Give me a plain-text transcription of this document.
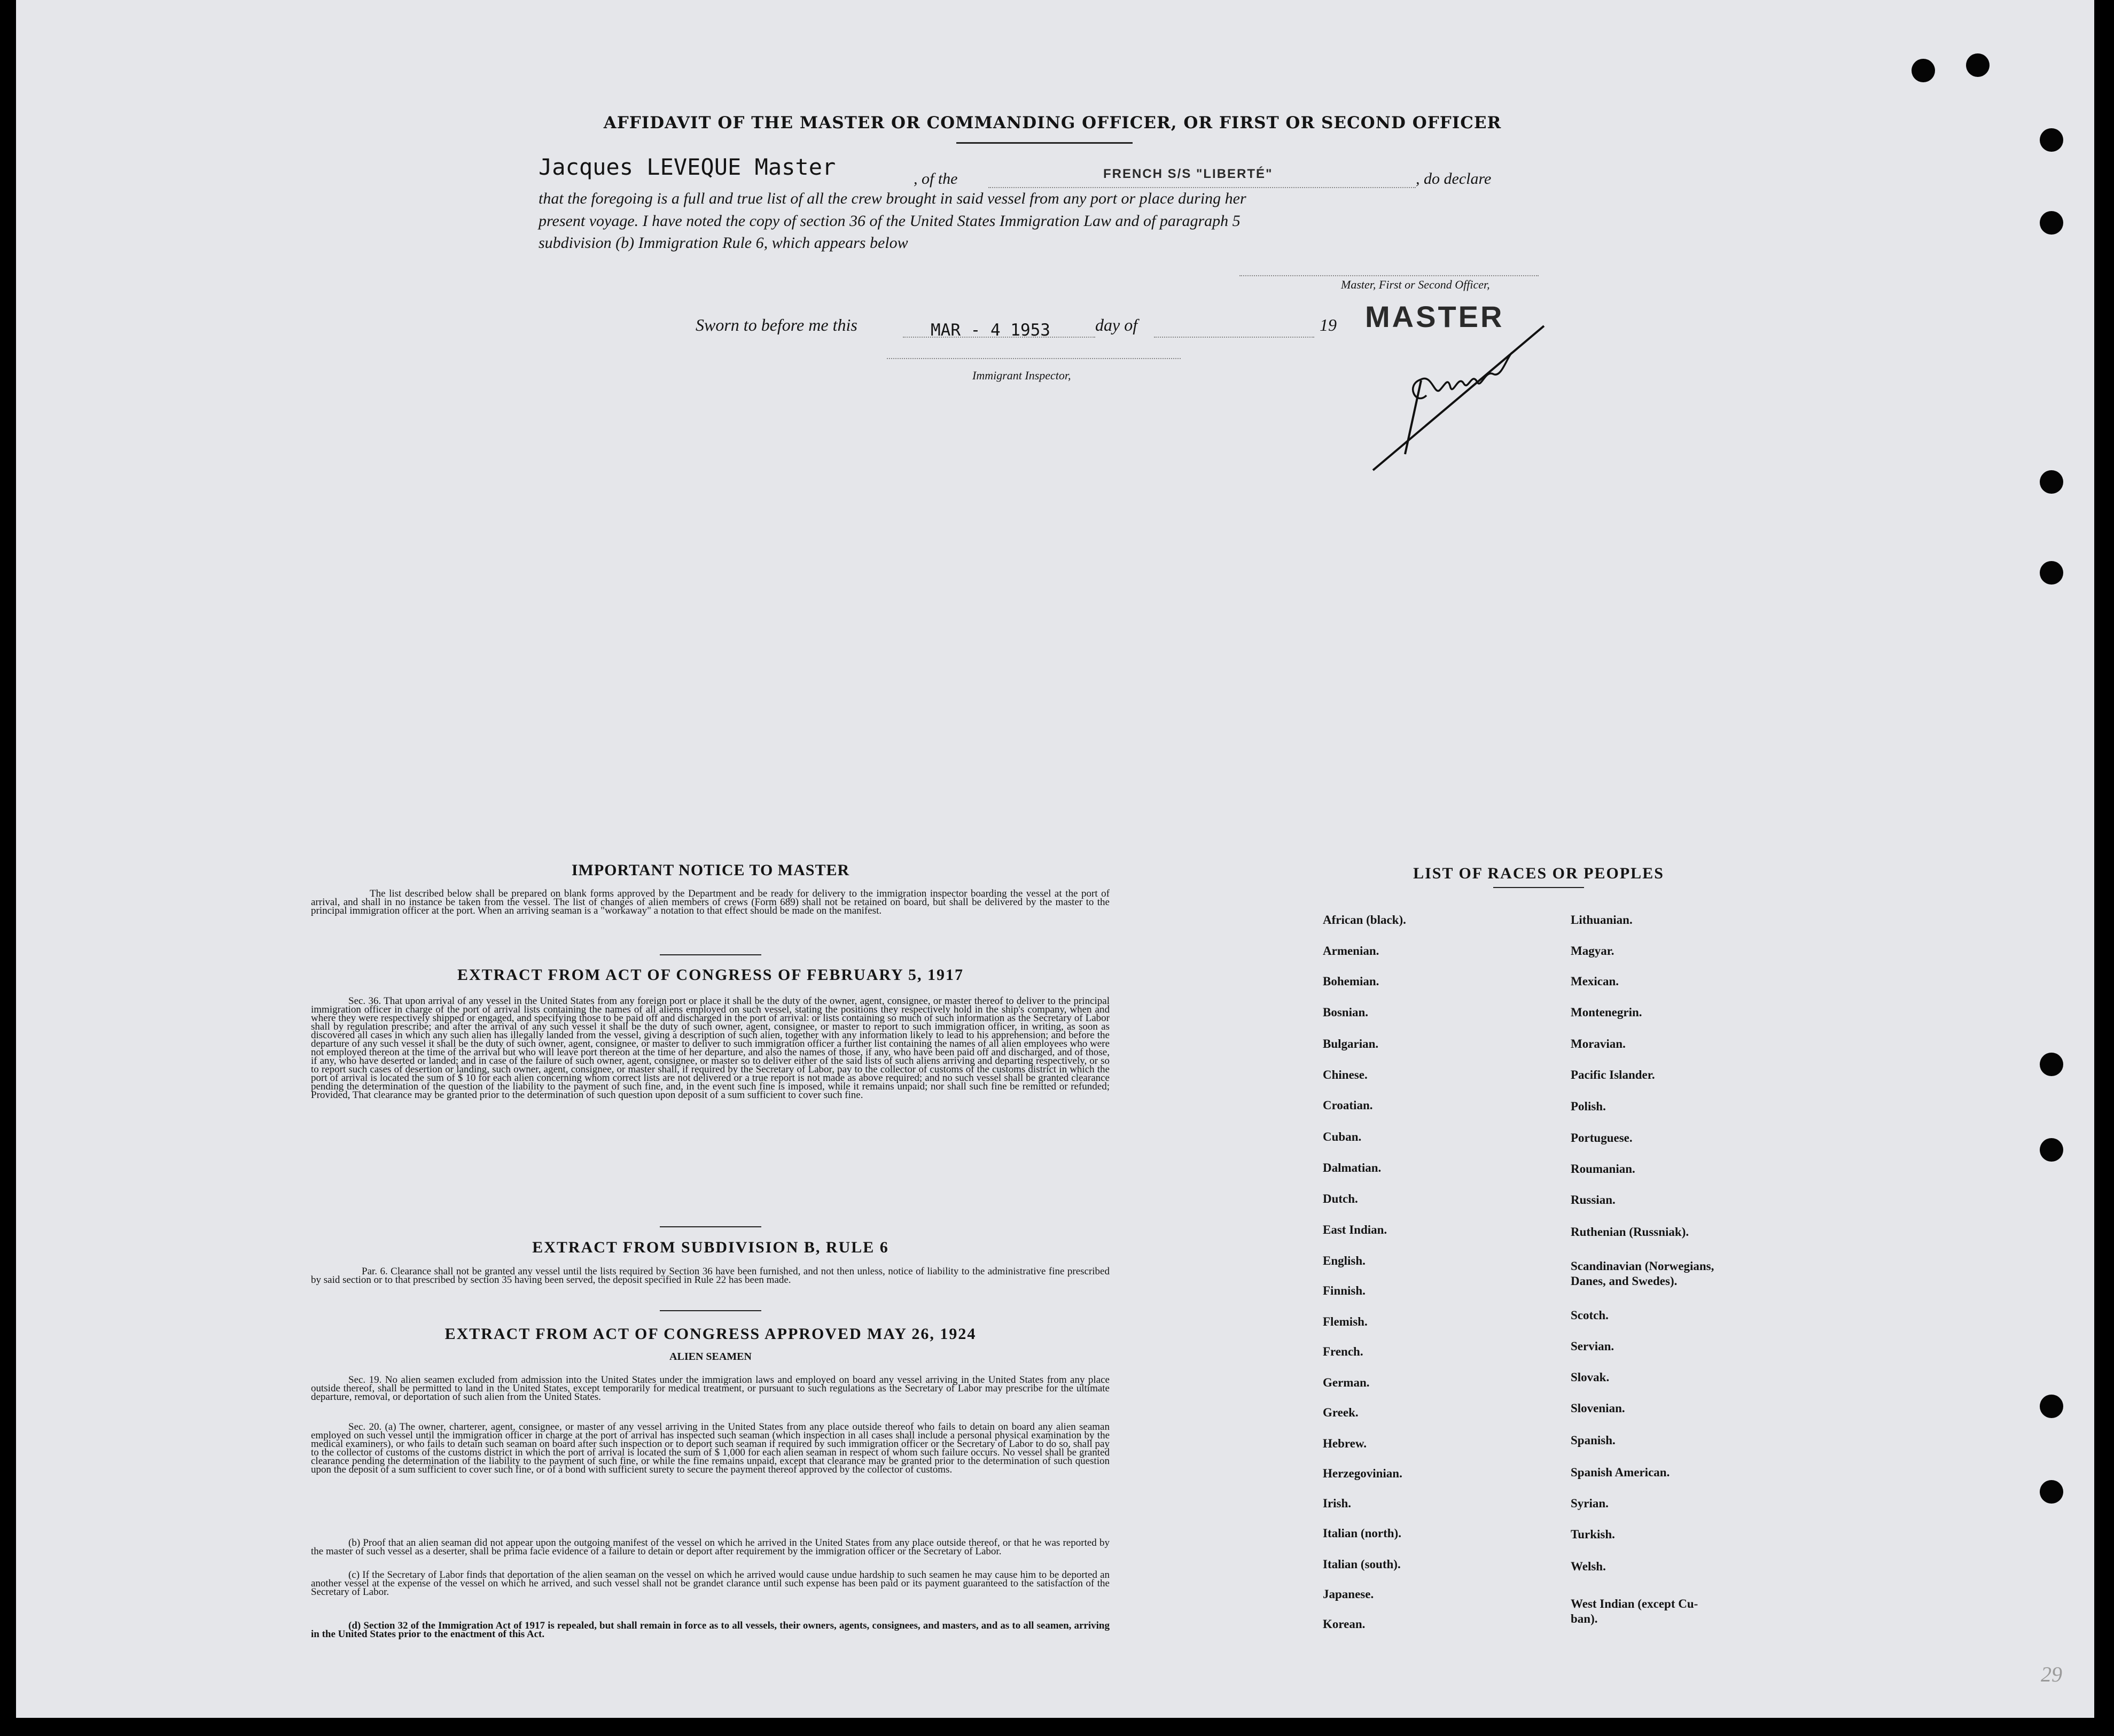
AFFIDAVIT OF THE MASTER OR COMMANDING OFFICER, OR FIRST OR SECOND OFFICER
Jacques LEVEQUE Master	, of the	FRENCH S/S "LIBERTÉ"	, do declare
that the foregoing is a full and true list of all the crew brought in said vessel from any port or place during her
present voyage. I have noted the copy of section 36 of the United States Immigration Law and of paragraph 5
subdivision (b) Immigration Rule 6, which appears below
Master, First or Second Officer,
Sworn to before me this	MAR - 4 1953	day of	19 MASTER
Immigrant Inspector,
IMPORTANT NOTICE TO MASTER
The list described below shall be prepared on blank forms approved by the Department and be ready for delivery to the immigration inspector boarding the vessel at the port of arrival, and shall in no instance be taken from the vessel. The list of changes of alien members of crews (Form 689) shall not be retained on board, but shall be delivered by the master to the principal immigration officer at the port. When an arriving seaman is a "workaway" a notation to that effect should be made on the manifest.
EXTRACT FROM ACT OF CONGRESS OF FEBRUARY 5, 1917
Sec. 36. That upon arrival of any vessel in the United States from any foreign port or place it shall be the duty of the owner, agent, consignee, or master thereof to deliver to the principal immigration officer in charge of the port of arrival lists containing the names of all aliens employed on such vessel, stating the positions they respectively hold in the ship's company, when and where they were respectively shipped or engaged, and specifying those to be paid off and discharged in the port of arrival: or lists containing so much of such information as the Secretary of Labor shall by regulation prescribe; and after the arrival of any such vessel it shall be the duty of such owner, agent, consignee, or master to report to such immigration officer, in writing, as soon as discovered all cases in which any such alien has illegally landed from the vessel, giving a description of such alien, together with any information likely to lead to his apprehension; and before the departure of any such vessel it shall be the duty of such owner, agent, consignee, or master to deliver to such immigration officer a further list containing the names of all alien employees who were not employed thereon at the time of the arrival but who will leave port thereon at the time of her departure, and also the names of those, if any, who have been paid off and discharged, and of those, if any, who have deserted or landed; and in case of the failure of such owner, agent, consignee, or master so to deliver either of the said lists of such aliens arriving and departing respectively, or so to report such cases of desertion or landing, such owner, agent, consignee, or master shall, if required by the Secretary of Labor, pay to the collector of customs of the customs district in which the port of arrival is located the sum of $ 10 for each alien concerning whom correct lists are not delivered or a true report is not made as above required; and no such vessel shall be granted clearance pending the determination of the question of the liability to the payment of such fine, and, in the event such fine is imposed, while it remains unpaid; nor shall such fine be remitted or refunded; Provided, That clearance may be granted prior to the determination of such question upon deposit of a sum sufficient to cover such fine.
EXTRACT FROM SUBDIVISION B, RULE 6
Par. 6. Clearance shall not be granted any vessel until the lists required by Section 36 have been furnished, and not then unless, notice of liability to the administrative fine prescribed by said section or to that prescribed by section 35 having been served, the deposit specified in Rule 22 has been made.
EXTRACT FROM ACT OF CONGRESS APPROVED MAY 26, 1924
ALIEN SEAMEN
Sec. 19. No alien seamen excluded from admission into the United States under the immigration laws and employed on board any vessel arriving in the United States from any place outside thereof, shall be permitted to land in the United States, except temporarily for medical treatment, or pursuant to such regulations as the Secretary of Labor may prescribe for the ultimate departure, removal, or deportation of such alien from the United States.
Sec. 20. (a) The owner, charterer, agent, consignee, or master of any vessel arriving in the United States from any place outside thereof who fails to detain on board any alien seaman employed on such vessel until the immigration officer in charge at the port of arrival has inspected such seaman (which inspection in all cases shall include a personal physical examination by the medical examiners), or who fails to detain such seaman on board after such inspection or to deport such seaman if required by such immigration officer or the Secretary of Labor to do so, shall pay to the collector of customs of the customs district in which the port of arrival is located the sum of $ 1,000 for each alien seaman in respect of whom such failure occurs. No vessel shall be granted clearance pending the determination of the liability to the payment of such fine, or while the fine remains unpaid, except that clearance may be granted prior to the determination of such question upon the deposit of a sum sufficient to cover such fine, or of a bond with sufficient surety to secure the payment thereof approved by the collector of customs.
(b) Proof that an alien seaman did not appear upon the outgoing manifest of the vessel on which he arrived in the United States from any place outside thereof, or that he was reported by the master of such vessel as a deserter, shall be prima facie evidence of a failure to detain or deport after requirement by the immigration officer or the Secretary of Labor.
(c) If the Secretary of Labor finds that deportation of the alien seaman on the vessel on which he arrived would cause undue hardship to such seamen he may cause him to be deported an another vessel at the expense of the vessel on which he arrived, and such vessel shall not be grandet clarance until such expense has been paid or its payment guaranteed to the satisfaction of the Secretary of Labor.
(d) Section 32 of the Immigration Act of 1917 is repealed, but shall remain in force as to all vessels, their owners, agents, consignees, and masters, and as to all seamen, arriving in the United States prior to the enactment of this Act.
LIST OF RACES OR PEOPLES
29
African (black).
Armenian.
Bohemian.
Bosnian.
Bulgarian.
Chinese.
Croatian.
Cuban.
Dalmatian.
Dutch.
East Indian.
English.
Finnish.
Flemish.
French.
German.
Greek.
Hebrew.
Herzegovinian.
Irish.
Italian (north).
Italian (south).
Japanese.
Korean.
Lithuanian.
Magyar.
Mexican.
Montenegrin.
Moravian.
Pacific Islander.
Polish.
Portuguese.
Roumanian.
Russian.
Ruthenian (Russniak).
Scandinavian (Norwegians,
Danes, and Swedes).
Scotch.
Servian.
Slovak.
Slovenian.
Spanish.
Spanish American.
Syrian.
Turkish.
Welsh.
West Indian (except Cu-
ban).
